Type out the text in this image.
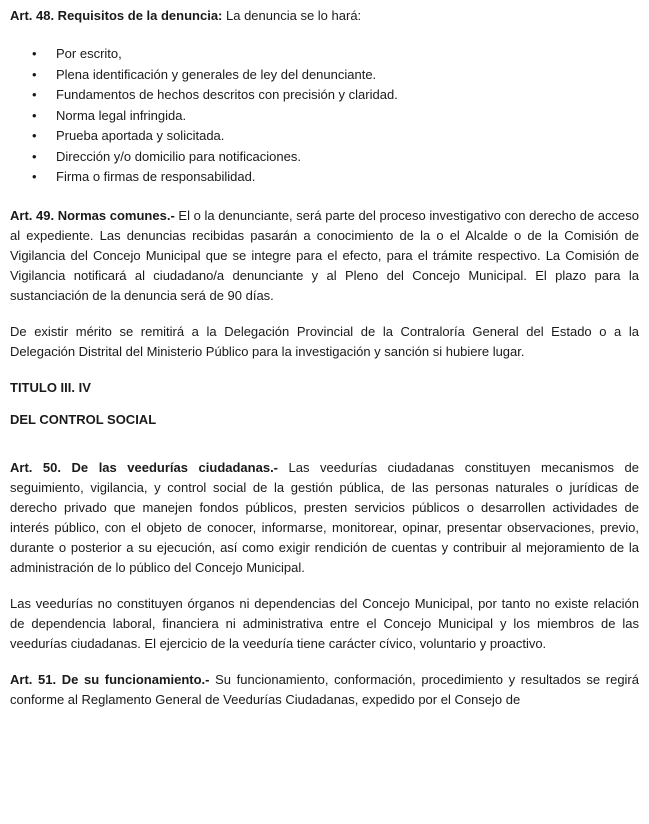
Art. 48. Requisitos de la denuncia: La denuncia se lo hará:

• Por escrito,
• Plena identificación y generales de ley del denunciante.
• Fundamentos de hechos descritos con precisión y claridad.
• Norma legal infringida.
• Prueba aportada y solicitada.
• Dirección y/o domicilio para notificaciones.
• Firma o firmas de responsabilidad.

Art. 49. Normas comunes.- El o la denunciante, será parte del proceso investigativo con derecho de acceso al expediente. Las denuncias recibidas pasarán a conocimiento de la o el Alcalde o de la Comisión de Vigilancia del Concejo Municipal que se integre para el efecto, para el trámite respectivo. La Comisión de Vigilancia notificará al ciudadano/a denunciante y al Pleno del Concejo Municipal. El plazo para la sustanciación de la denuncia será de 90 días.

De existir mérito se remitirá a la Delegación Provincial de la Contraloría General del Estado o a la Delegación Distrital del Ministerio Público para la investigación y sanción si hubiere lugar.

TITULO III. IV

DEL CONTROL SOCIAL

Art. 50. De las veedurías ciudadanas.- Las veedurías ciudadanas constituyen mecanismos de seguimiento, vigilancia, y control social de la gestión pública, de las personas naturales o jurídicas de derecho privado que manejen fondos públicos, presten servicios públicos o desarrollen actividades de interés público, con el objeto de conocer, informarse, monitorear, opinar, presentar observaciones, previo, durante o posterior a su ejecución, así como exigir rendición de cuentas y contribuir al mejoramiento de la administración de lo público del Concejo Municipal.

Las veedurías no constituyen órganos ni dependencias del Concejo Municipal, por tanto no existe relación de dependencia laboral, financiera ni administrativa entre el Concejo Municipal y los miembros de las veedurías ciudadanas. El ejercicio de la veeduría tiene carácter cívico, voluntario y proactivo.

Art. 51. De su funcionamiento.- Su funcionamiento, conformación, procedimiento y resultados se regirá conforme al Reglamento General de Veedurías Ciudadanas, expedido por el Consejo de
